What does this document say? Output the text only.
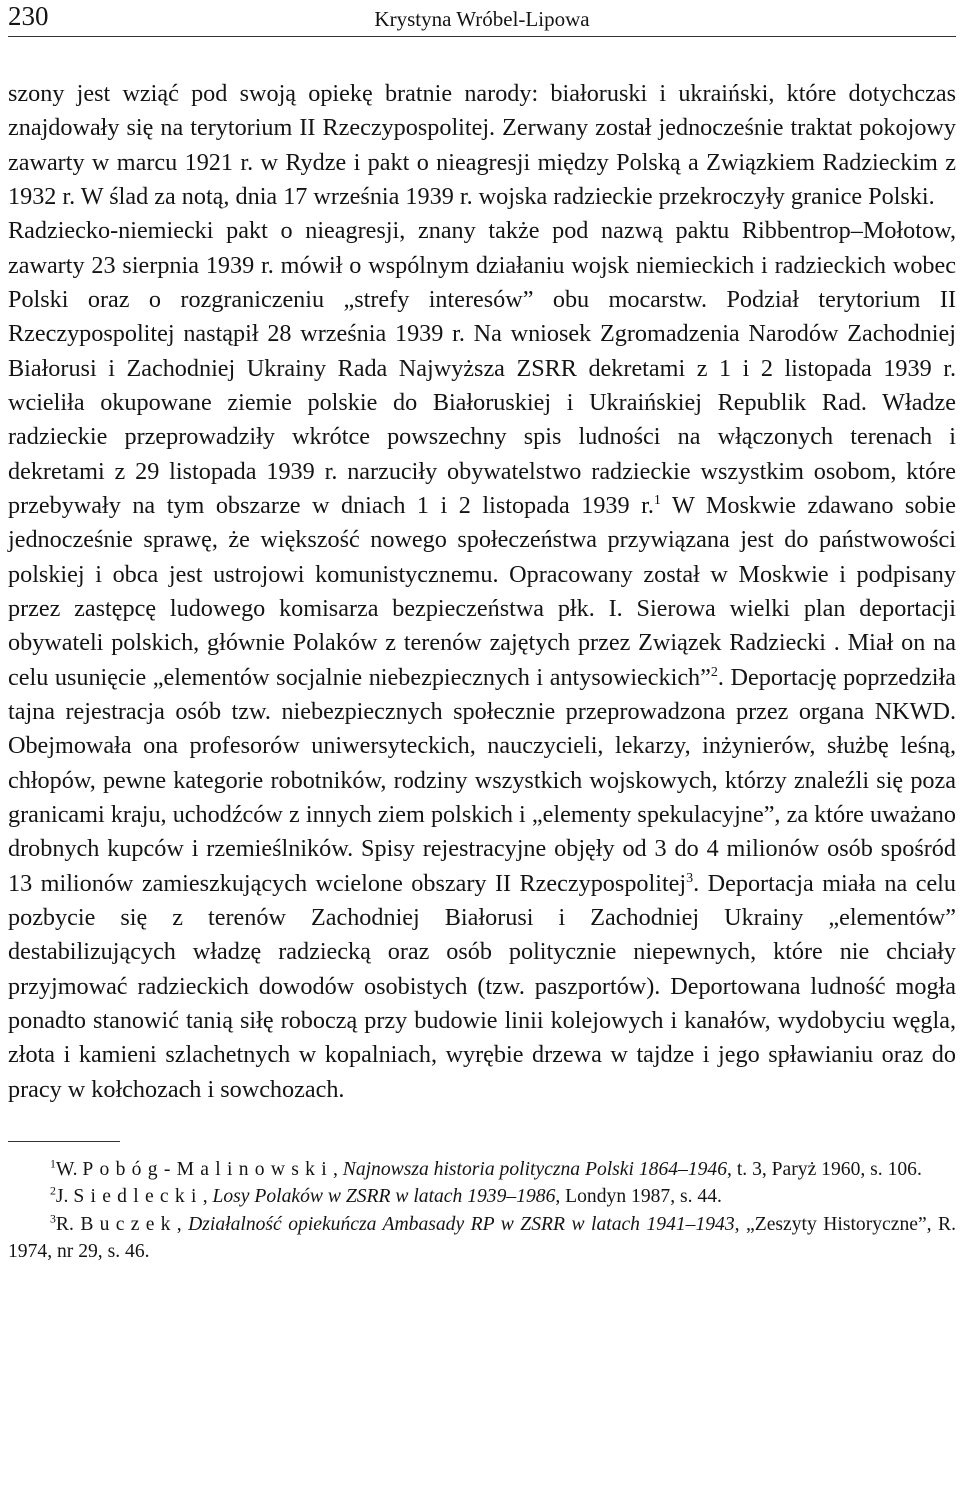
230	Krystyna Wróbel-Lipowa

szony jest wziąć pod swoją opiekę bratnie narody: białoruski i ukraiński, które dotychczas znajdowały się na terytorium II Rzeczypospolitej. Zerwany został jednocześnie traktat pokojowy zawarty w marcu 1921 r. w Rydze i pakt o nieagresji między Polską a Związkiem Radzieckim z 1932 r. W ślad za notą, dnia 17 września 1939 r. wojska radzieckie przekroczyły granice Polski.

Radziecko-niemiecki pakt o nieagresji, znany także pod nazwą paktu Ribbentrop–Mołotow, zawarty 23 sierpnia 1939 r. mówił o wspólnym działaniu wojsk niemieckich i radzieckich wobec Polski oraz o rozgraniczeniu „strefy interesów” obu mocarstw. Podział terytorium II Rzeczypospolitej nastąpił 28 września 1939 r. Na wniosek Zgromadzenia Narodów Zachodniej Białorusi i Zachodniej Ukrainy Rada Najwyższa ZSRR dekretami z 1 i 2 listopada 1939 r. wcieliła okupowane ziemie polskie do Białoruskiej i Ukraińskiej Republik Rad. Władze radzieckie przeprowadziły wkrótce powszechny spis ludności na włączonych terenach i dekretami z 29 listopada 1939 r. narzuciły obywatelstwo radzieckie wszystkim osobom, które przebywały na tym obszarze w dniach 1 i 2 listopada 1939 r.$^1$ W Moskwie zdawano sobie jednocześnie sprawę, że większość nowego społeczeństwa przywiązana jest do państwowości polskiej i obca jest ustrojowi komunistycznemu. Opracowany został w Moskwie i podpisany przez zastępcę ludowego komisarza bezpieczeństwa płk. I. Sierowa wielki plan deportacji obywateli polskich, głównie Polaków z terenów zajętych przez Związek Radziecki . Miał on na celu usunięcie „elementów socjalnie niebezpiecznych i antysowieckich”$^2$. Deportację poprzedziła tajna rejestracja osób tzw. niebezpiecznych społecznie przeprowadzona przez organa NKWD. Obejmowała ona profesorów uniwersyteckich, nauczycieli, lekarzy, inżynierów, służbę leśną, chłopów, pewne kategorie robotników, rodziny wszystkich wojskowych, którzy znaleźli się poza granicami kraju, uchodźców z innych ziem polskich i „elementy spekulacyjne”, za które uważano drobnych kupców i rzemieślników. Spisy rejestracyjne objęły od 3 do 4 milionów osób spośród 13 milionów zamieszkujących wcielone obszary II Rzeczypospolitej$^3$. Deportacja miała na celu pozbycie się z terenów Zachodniej Białorusi i Zachodniej Ukrainy „elementów” destabilizujących władzę radziecką oraz osób politycznie niepewnych, które nie chciały przyjmować radzieckich dowodów osobistych (tzw. paszportów). Deportowana ludność mogła ponadto stanowić tanią siłę roboczą przy budowie linii kolejowych i kanałów, wydobyciu węgla, złota i kamieni szlachetnych w kopalniach, wyrębie drzewa w tajdze i jego spławianiu oraz do pracy w kołchozach i sowchozach.

$^1$W. Pobóg-Malinowski, Najnowsza historia polityczna Polski 1864–1946, t. 3, Paryż 1960, s. 106.

$^2$J. Siedlecki, Losy Polaków w ZSRR w latach 1939–1986, Londyn 1987, s. 44.

$^3$R. Buczek, Działalność opiekuńcza Ambasady RP w ZSRR w latach 1941–1943, „Zeszyty Historyczne”, R. 1974, nr 29, s. 46.
